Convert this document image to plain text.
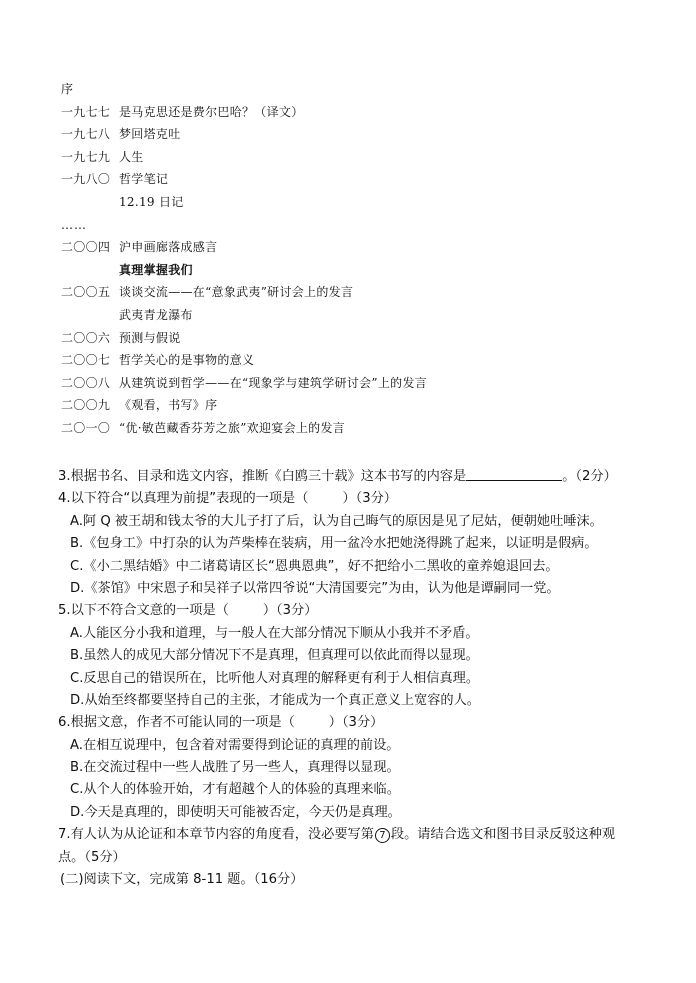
序
一九七七 是马克思还是费尔巴哈？（译文）
一九七八 梦回塔克吐
一九七九 人生
一九八〇 哲学笔记
12.19 日记
……
二〇〇四 沪申画廊落成感言
真理掌握我们
二〇〇五 谈谈交流——在“意象武夷”研讨会上的发言
武夷青龙瀑布
二〇〇六 预测与假说
二〇〇七 哲学关心的是事物的意义
二〇〇八 从建筑说到哲学——在“现象学与建筑学研讨会”上的发言
二〇〇九 《观看，书写》序
二〇一〇 “优·敏芭藏香芬芳之旅”欢迎宴会上的发言
3.根据书名、目录和选文内容，推断《白鸥三十载》这本书写的内容是	。（2分）
4.以下符合“以真理为前提”表现的一项是（	）（3分）
A.阿 Q 被王胡和钱太爷的大儿子打了后，认为自己晦气的原因是见了尼姑，便朝她吐唾沫。
B.《包身工》中打杂的认为芦柴棒在装病，用一盆冷水把她浇得跳了起来，以证明是假病。
C.《小二黑结婚》中二诸葛请区长“恩典恩典”，好不把给小二黑收的童养媳退回去。
D.《茶馆》中宋恩子和吴祥子以常四爷说“大清国要完”为由，认为他是谭嗣同一党。
5.以下不符合文意的一项是（	）（3分）
A.人能区分小我和道理，与一般人在大部分情况下顺从小我并不矛盾。
B.虽然人的成见大部分情况下不是真理，但真理可以依此而得以显现。
C.反思自己的错误所在，比听他人对真理的解释更有利于人相信真理。
D.从始至终都要坚持自己的主张，才能成为一个真正意义上宽容的人。
6.根据文意，作者不可能认同的一项是（	）（3分）
A.在相互说理中，包含着对需要得到论证的真理的前设。
B.在交流过程中一些人战胜了另一些人，真理得以显现。
C.从个人的体验开始，才有超越个人的体验的真理来临。
D.今天是真理的，即使明天可能被否定，今天仍是真理。
7.有人认为从论证和本章节内容的角度看，没必要写第 7 段。请结合选文和图书目录反驳这种观
点。（5分）
(二)阅读下文，完成第 8-11 题。（16分）
